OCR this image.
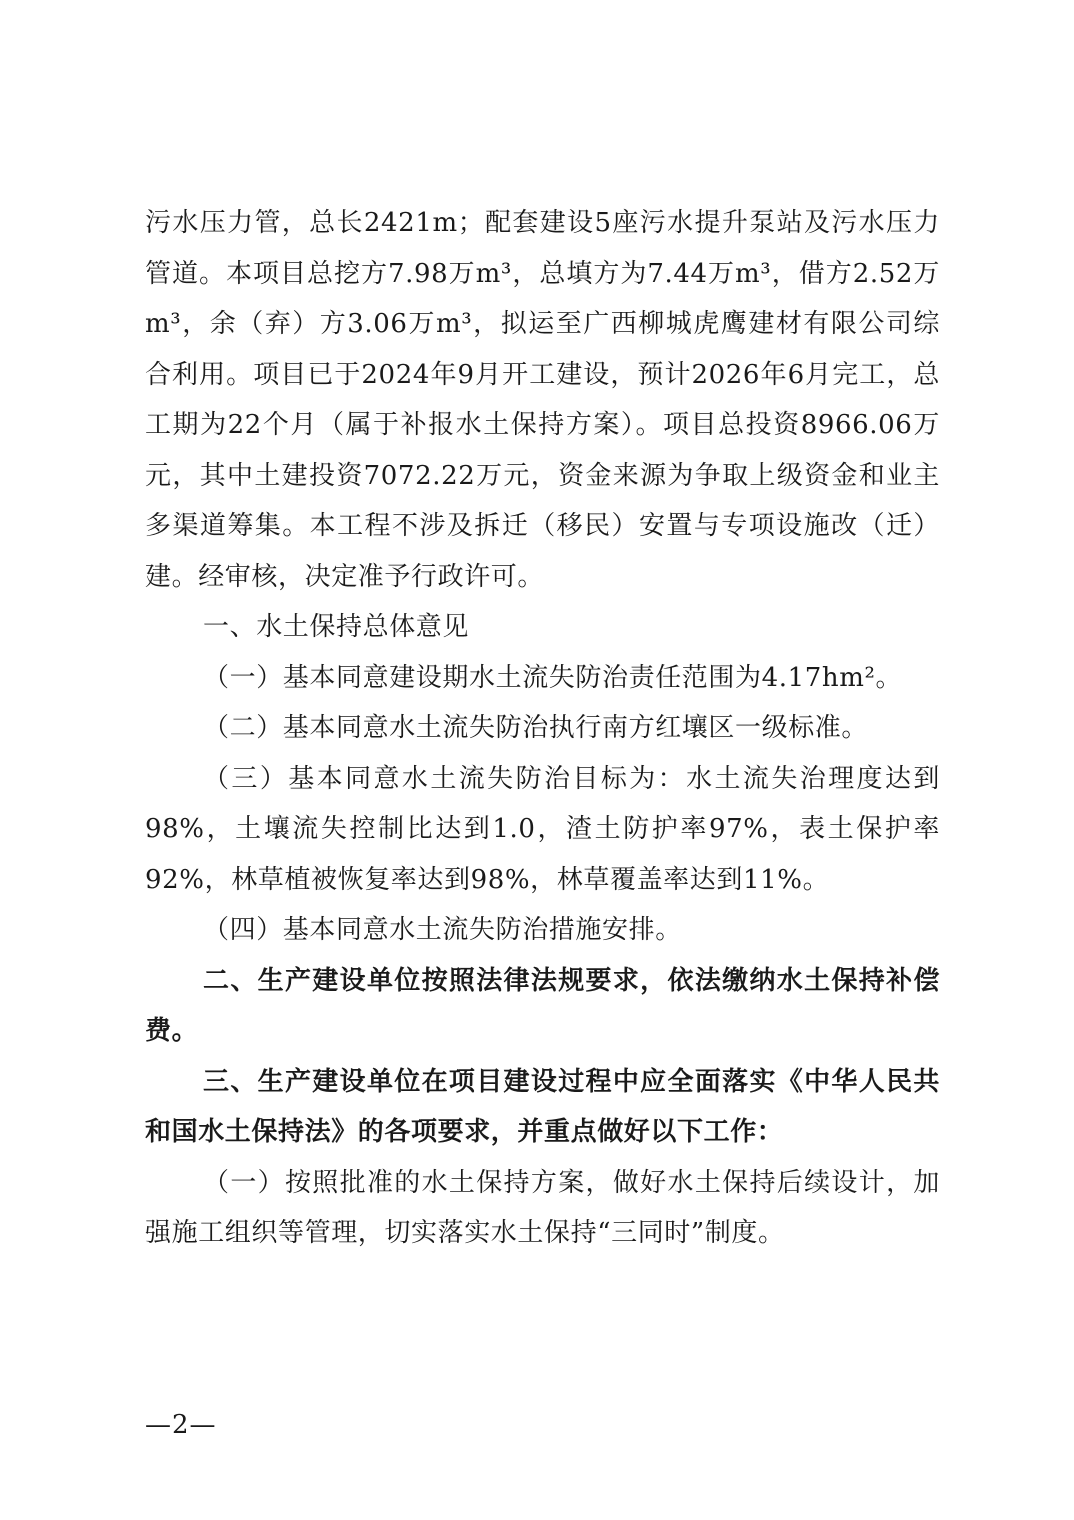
污水压力管，总长2421m；配套建设5座污水提升泵站及污水压力管道。本项目总挖方7.98万m³，总填方为7.44万m³，借方2.52万m³，余（弃）方3.06万m³，拟运至广西柳城虎鹰建材有限公司综合利用。项目已于2024年9月开工建设，预计2026年6月完工，总工期为22个月（属于补报水土保持方案）。项目总投资8966.06万元，其中土建投资7072.22万元，资金来源为争取上级资金和业主多渠道筹集。本工程不涉及拆迁（移民）安置与专项设施改（迁）建。经审核，决定准予行政许可。

一、水土保持总体意见

（一）基本同意建设期水土流失防治责任范围为4.17hm²。

（二）基本同意水土流失防治执行南方红壤区一级标准。

（三）基本同意水土流失防治目标为：水土流失治理度达到98%，土壤流失控制比达到1.0，渣土防护率97%，表土保护率92%，林草植被恢复率达到98%，林草覆盖率达到11%。

（四）基本同意水土流失防治措施安排。

二、生产建设单位按照法律法规要求，依法缴纳水土保持补偿费。

三、生产建设单位在项目建设过程中应全面落实《中华人民共和国水土保持法》的各项要求，并重点做好以下工作：

（一）按照批准的水土保持方案，做好水土保持后续设计，加强施工组织等管理，切实落实水土保持“三同时”制度。

—2—
